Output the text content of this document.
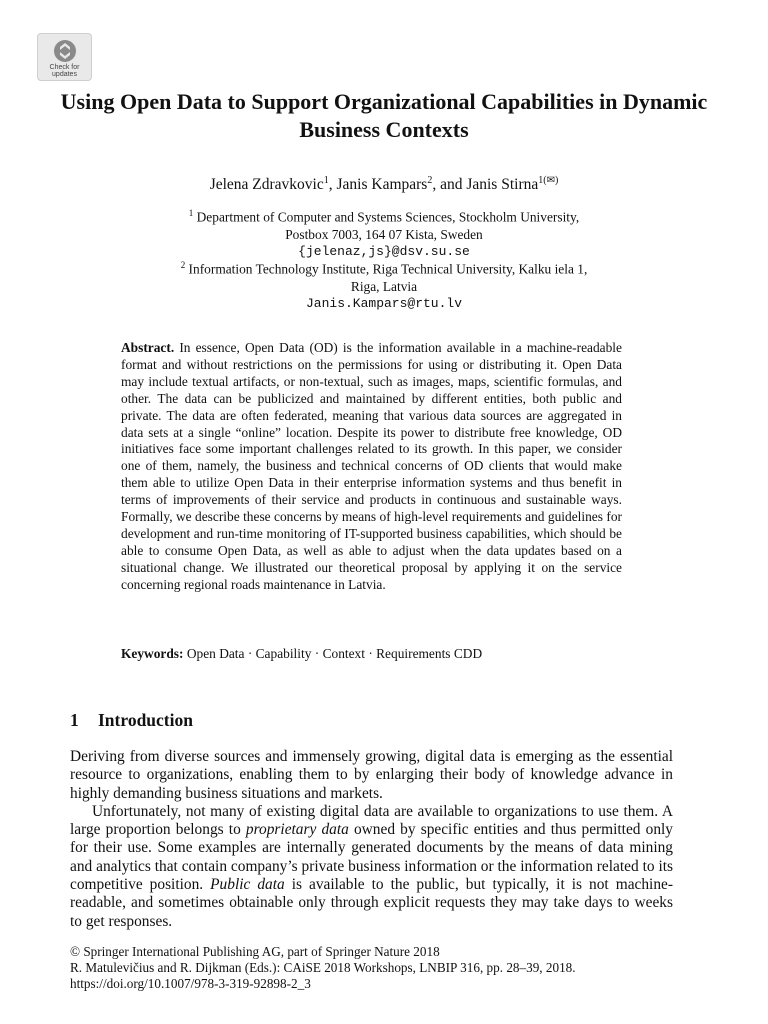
Check for
updates
Using Open Data to Support Organizational Capabilities in Dynamic Business Contexts
Jelena Zdravkovic$^1$, Janis Kampars$^2$, and Janis Stirna$^{1(✉)}$
$^1$ Department of Computer and Systems Sciences, Stockholm University,
Postbox 7003, 164 07 Kista, Sweden
{jelenaz,js}@dsv.su.se
$^2$ Information Technology Institute, Riga Technical University, Kalku iela 1,
Riga, Latvia
Janis.Kampars@rtu.lv
Abstract. In essence, Open Data (OD) is the information available in a machine-readable format and without restrictions on the permissions for using or distributing it. Open Data may include textual artifacts, or non-textual, such as images, maps, scientific formulas, and other. The data can be publicized and maintained by different entities, both public and private. The data are often federated, meaning that various data sources are aggregated in data sets at a single “online” location. Despite its power to distribute free knowledge, OD initiatives face some important challenges related to its growth. In this paper, we consider one of them, namely, the business and technical concerns of OD clients that would make them able to utilize Open Data in their enterprise information systems and thus benefit in terms of improvements of their service and products in continuous and sustainable ways. Formally, we describe these concerns by means of high-level requirements and guidelines for development and run-time monitoring of IT-supported business capabilities, which should be able to consume Open Data, as well as able to adjust when the data updates based on a situational change. We illustrated our theoretical proposal by applying it on the service concerning regional roads maintenance in Latvia.
Keywords: Open Data · Capability · Context · Requirements CDD
1 Introduction

Deriving from diverse sources and immensely growing, digital data is emerging as the essential resource to organizations, enabling them to by enlarging their body of knowledge advance in highly demanding business situations and markets.

Unfortunately, not many of existing digital data are available to organizations to use them. A large proportion belongs to proprietary data owned by specific entities and thus permitted only for their use. Some examples are internally generated documents by the means of data mining and analytics that contain company’s private business information or the information related to its competitive position. Public data is available to the public, but typically, it is not machine-readable, and sometimes obtainable only through explicit requests they may take days to weeks to get responses.

© Springer International Publishing AG, part of Springer Nature 2018
R. Matulevičius and R. Dijkman (Eds.): CAiSE 2018 Workshops, LNBIP 316, pp. 28–39, 2018.
https://doi.org/10.1007/978-3-319-92898-2_3
